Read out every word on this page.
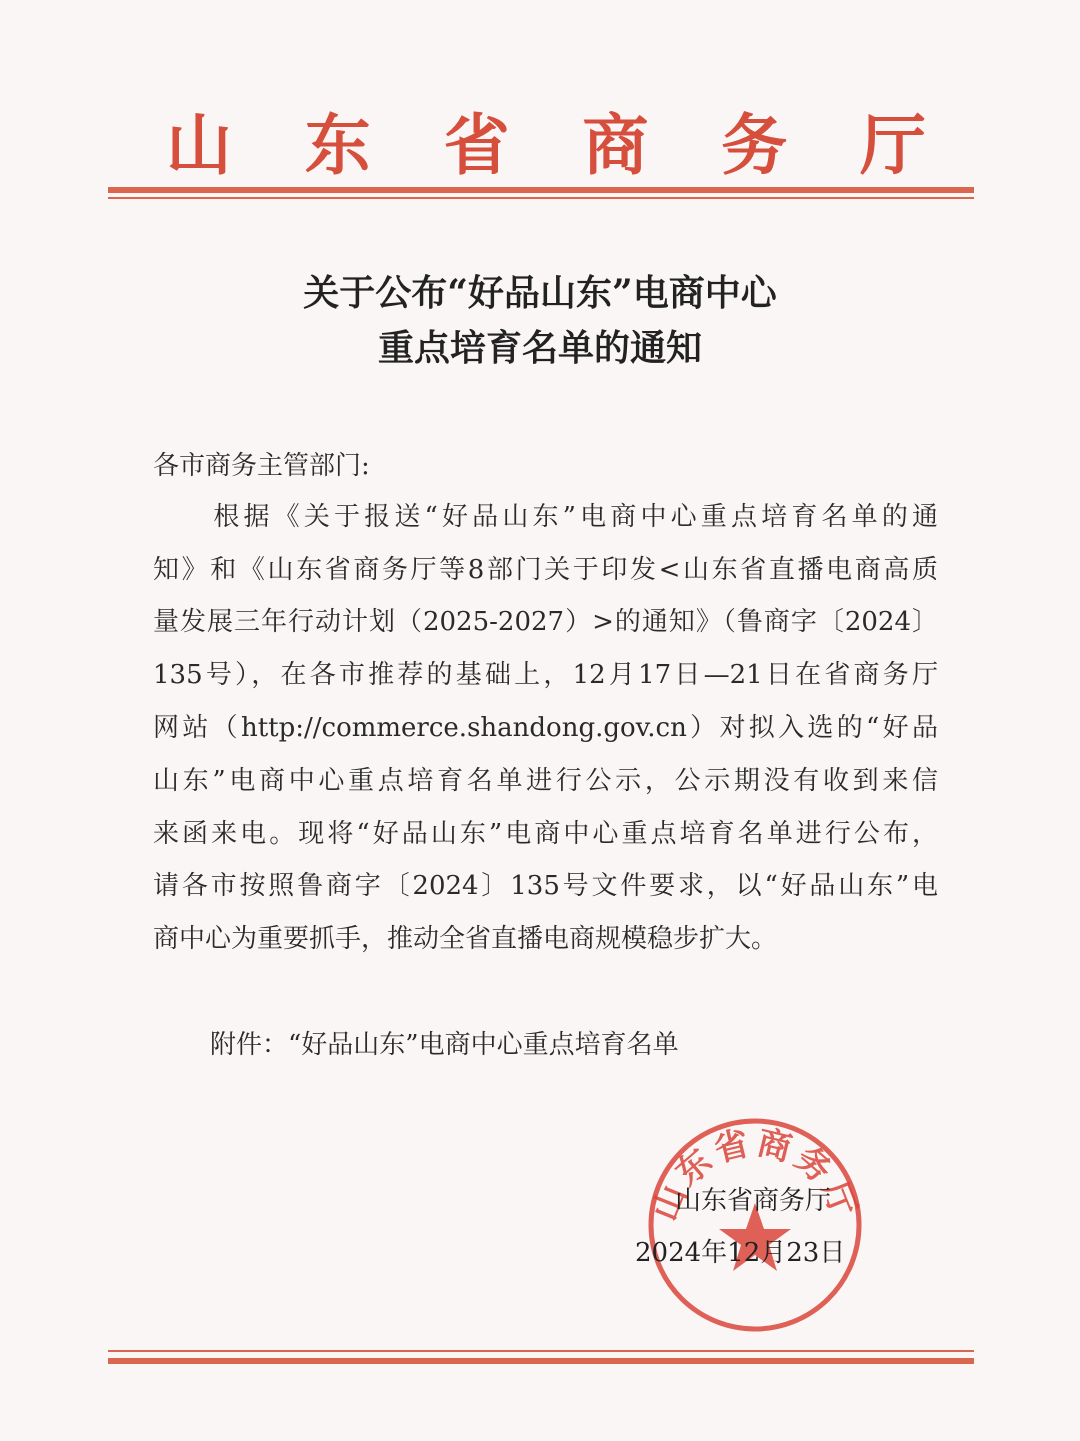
山 东 省 商 务 厅
关于公布“好品山东”电商中心
重点培育名单的通知
各市商务主管部门:
　　根据《关于报送“好品山东”电商中心重点培育名单的通
知》和《山东省商务厅等8部门关于印发<山东省直播电商高质
量发展三年行动计划（2025-2027）>的通知》（鲁商字〔2024〕
135号），在各市推荐的基础上，12月17日—21日在省商务厅
网站（http://commerce.shandong.gov.cn）对拟入选的“好品
山东”电商中心重点培育名单进行公示，公示期没有收到来信
来函来电。现将“好品山东”电商中心重点培育名单进行公布，
请各市按照鲁商字〔2024〕135号文件要求，以“好品山东”电
商中心为重要抓手，推动全省直播电商规模稳步扩大。
附件：“好品山东”电商中心重点培育名单
山东省商务厅
山东省商务厅
2024年12月23日
